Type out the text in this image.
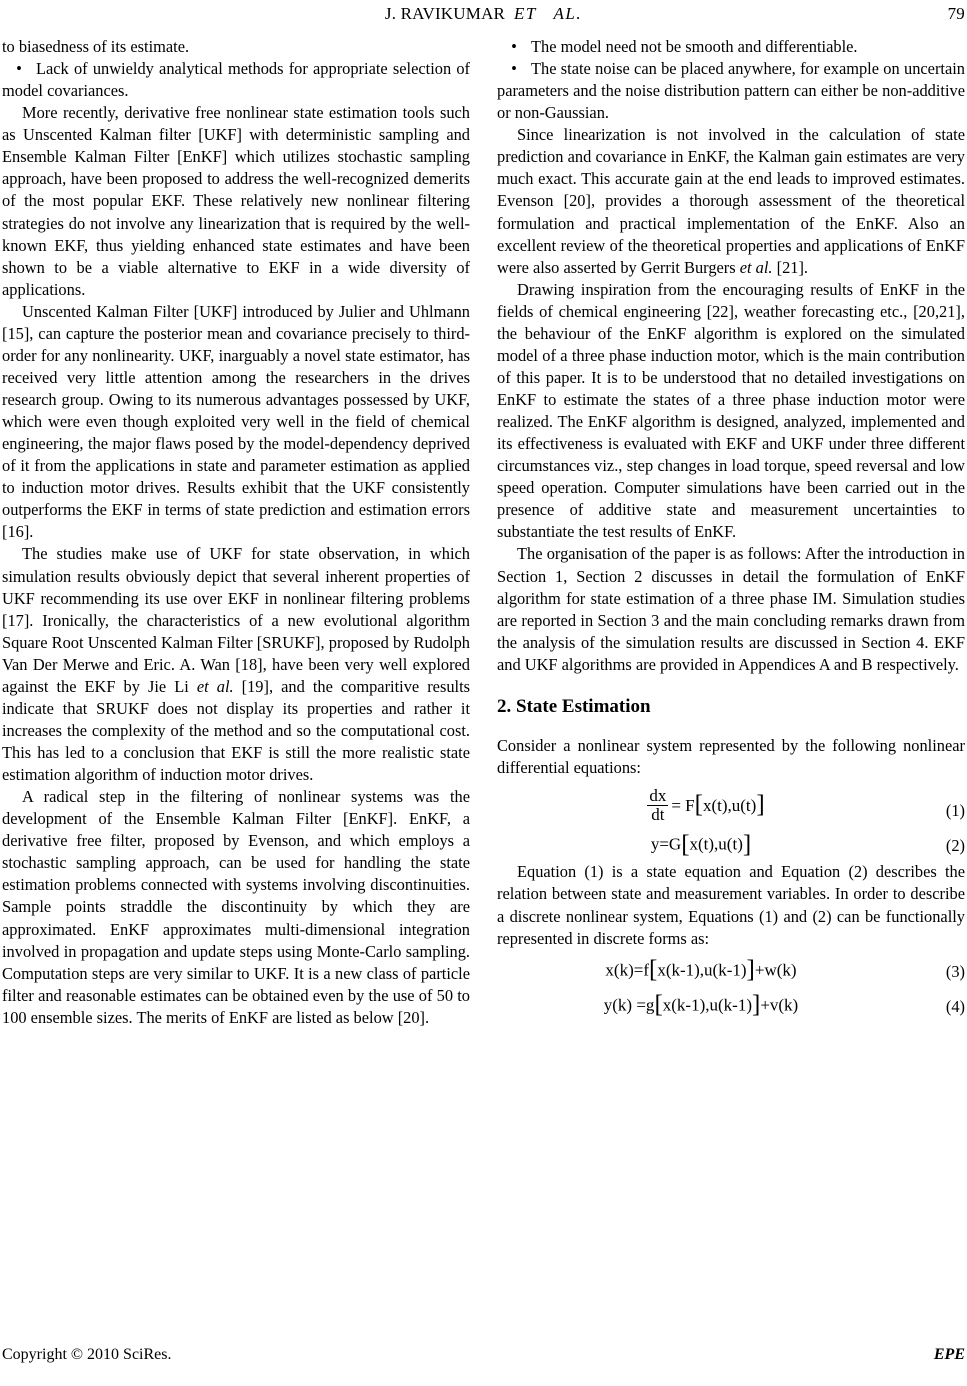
J. RAVIKUMAR  ET   AL.	79

to biasedness of its estimate.

• Lack of unwieldy analytical methods for appropriate selection of model covariances.

More recently, derivative free nonlinear state estimation tools such as Unscented Kalman filter [UKF] with deterministic sampling and Ensemble Kalman Filter [EnKF] which utilizes stochastic sampling approach, have been proposed to address the well-recognized demerits of the most popular EKF. These relatively new nonlinear filtering strategies do not involve any linearization that is required by the well-known EKF, thus yielding enhanced state estimates and have been shown to be a viable alternative to EKF in a wide diversity of applications.

Unscented Kalman Filter [UKF] introduced by Julier and Uhlmann [15], can capture the posterior mean and covariance precisely to third-order for any nonlinearity. UKF, inarguably a novel state estimator, has received very little attention among the researchers in the drives research group. Owing to its numerous advantages possessed by UKF, which were even though exploited very well in the field of chemical engineering, the major flaws posed by the model-dependency deprived of it from the applications in state and parameter estimation as applied to induction motor drives. Results exhibit that the UKF consistently outperforms the EKF in terms of state prediction and estimation errors [16].

The studies make use of UKF for state observation, in which simulation results obviously depict that several inherent properties of UKF recommending its use over EKF in nonlinear filtering problems [17]. Ironically, the characteristics of a new evolutional algorithm Square Root Unscented Kalman Filter [SRUKF], proposed by Rudolph Van Der Merwe and Eric. A. Wan [18], have been very well explored against the EKF by Jie Li et al. [19], and the comparitive results indicate that SRUKF does not display its properties and rather it increases the complexity of the method and so the computational cost. This has led to a conclusion that EKF is still the more realistic state estimation algorithm of induction motor drives.

A radical step in the filtering of nonlinear systems was the development of the Ensemble Kalman Filter [EnKF]. EnKF, a derivative free filter, proposed by Evenson, and which employs a stochastic sampling approach, can be used for handling the state estimation problems connected with systems involving discontinuities. Sample points straddle the discontinuity by which they are approximated. EnKF approximates multi-dimensional integration involved in propagation and update steps using Monte-Carlo sampling. Computation steps are very similar to UKF. It is a new class of particle filter and reasonable estimates can be obtained even by the use of 50 to 100 ensemble sizes. The merits of EnKF are listed as below [20].

• The model need not be smooth and differentiable.

• The state noise can be placed anywhere, for example on uncertain parameters and the noise distribution pattern can either be non-additive or non-Gaussian.

Since linearization is not involved in the calculation of state prediction and covariance in EnKF, the Kalman gain estimates are very much exact. This accurate gain at the end leads to improved estimates. Evenson [20], provides a thorough assessment of the theoretical formulation and practical implementation of the EnKF. Also an excellent review of the theoretical properties and applications of EnKF were also asserted by Gerrit Burgers et al. [21].

Drawing inspiration from the encouraging results of EnKF in the fields of chemical engineering [22], weather forecasting etc., [20,21], the behaviour of the EnKF algorithm is explored on the simulated model of a three phase induction motor, which is the main contribution of this paper. It is to be understood that no detailed investigations on EnKF to estimate the states of a three phase induction motor were realized. The EnKF algorithm is designed, analyzed, implemented and its effectiveness is evaluated with EKF and UKF under three different circumstances viz., step changes in load torque, speed reversal and low speed operation. Computer simulations have been carried out in the presence of additive state and measurement uncertainties to substantiate the test results of EnKF.

The organisation of the paper is as follows: After the introduction in Section 1, Section 2 discusses in detail the formulation of EnKF algorithm for state estimation of a three phase IM. Simulation studies are reported in Section 3 and the main concluding remarks drawn from the analysis of the simulation results are discussed in Section 4. EKF and UKF algorithms are provided in Appendices A and B respectively.

2. State Estimation

Consider a nonlinear system represented by the following nonlinear differential equations:

$\frac{dx}{dt} = F[x(t),u(t)]$	(1)
y=G[x(t),u(t)]	(2)

Equation (1) is a state equation and Equation (2) describes the relation between state and measurement variables. In order to describe a discrete nonlinear system, Equations (1) and (2) can be functionally represented in discrete forms as:

x(k)=f[x(k-1),u(k-1)]+w(k)	(3)
y(k) =g[x(k-1),u(k-1)]+v(k)	(4)
Copyright © 2010 SciRes.	EPE
